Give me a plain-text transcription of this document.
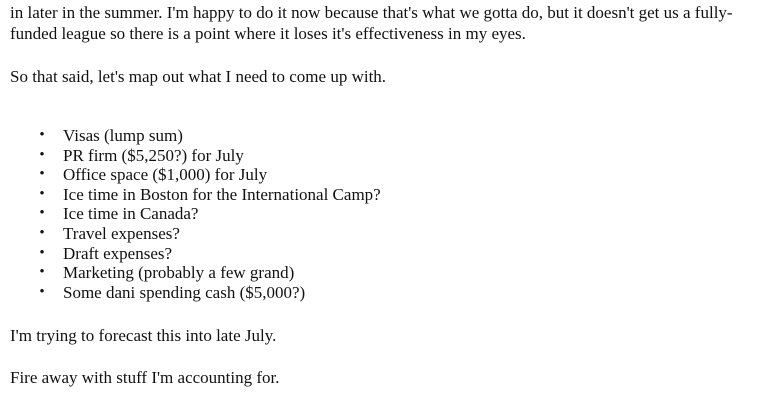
in later in the summer. I'm happy to do it now because that's what we gotta do, but it doesn't get us a fully-

funded league so there is a point where it loses it's effectiveness in my eyes.

So that said, let's map out what I need to come up with.

• Visas (lump sum)
• PR firm ($5,250?) for July
• Office space ($1,000) for July
• Ice time in Boston for the International Camp?
• Ice time in Canada?
• Travel expenses?
• Draft expenses?
• Marketing (probably a few grand)
• Some dani spending cash ($5,000?)

I'm trying to forecast this into late July.

Fire away with stuff I'm accounting for.
